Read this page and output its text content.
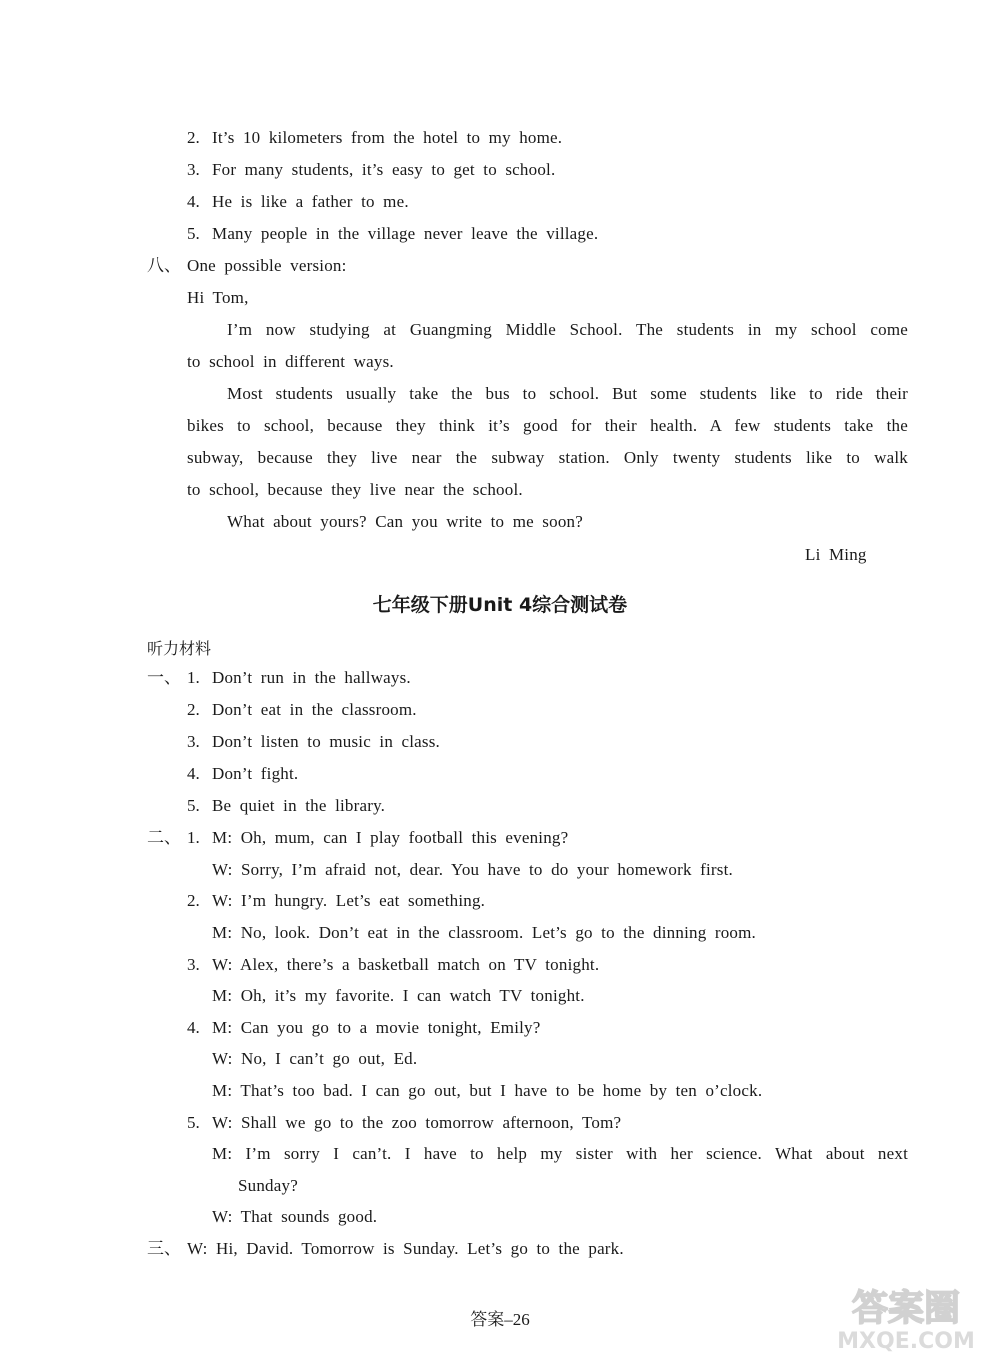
2. It’s 10 kilometers from the hotel to my home.
3. For many students, it’s easy to get to school.
4. He is like a father to me.
5. Many people in the village never leave the village.
八、 One possible version:
Hi Tom,
I’m now studying at Guangming Middle School. The students in my school come
to school in different ways.
Most students usually take the bus to school. But some students like to ride their
bikes to school, because they think it’s good for their health. A few students take the
subway, because they live near the subway station. Only twenty students like to walk
to school, because they live near the school.
What about yours? Can you write to me soon?
Li Ming
七年级下册Unit 4综合测试卷
听力材料
一、 1. Don’t run in the hallways.
2. Don’t eat in the classroom.
3. Don’t listen to music in class.
4. Don’t fight.
5. Be quiet in the library.
二、 1. M: Oh, mum, can I play football this evening?
W: Sorry, I’m afraid not, dear. You have to do your homework first.
2. W: I’m hungry. Let’s eat something.
M: No, look. Don’t eat in the classroom. Let’s go to the dinning room.
3. W: Alex, there’s a basketball match on TV tonight.
M: Oh, it’s my favorite. I can watch TV tonight.
4. M: Can you go to a movie tonight, Emily?
W: No, I can’t go out, Ed.
M: That’s too bad. I can go out, but I have to be home by ten o’clock.
5. W: Shall we go to the zoo tomorrow afternoon, Tom?
M: I’m sorry I can’t. I have to help my sister with her science. What about next
Sunday?
W: That sounds good.
三、 W: Hi, David. Tomorrow is Sunday. Let’s go to the park.
答案–26	答案圈
MXQE.COM
